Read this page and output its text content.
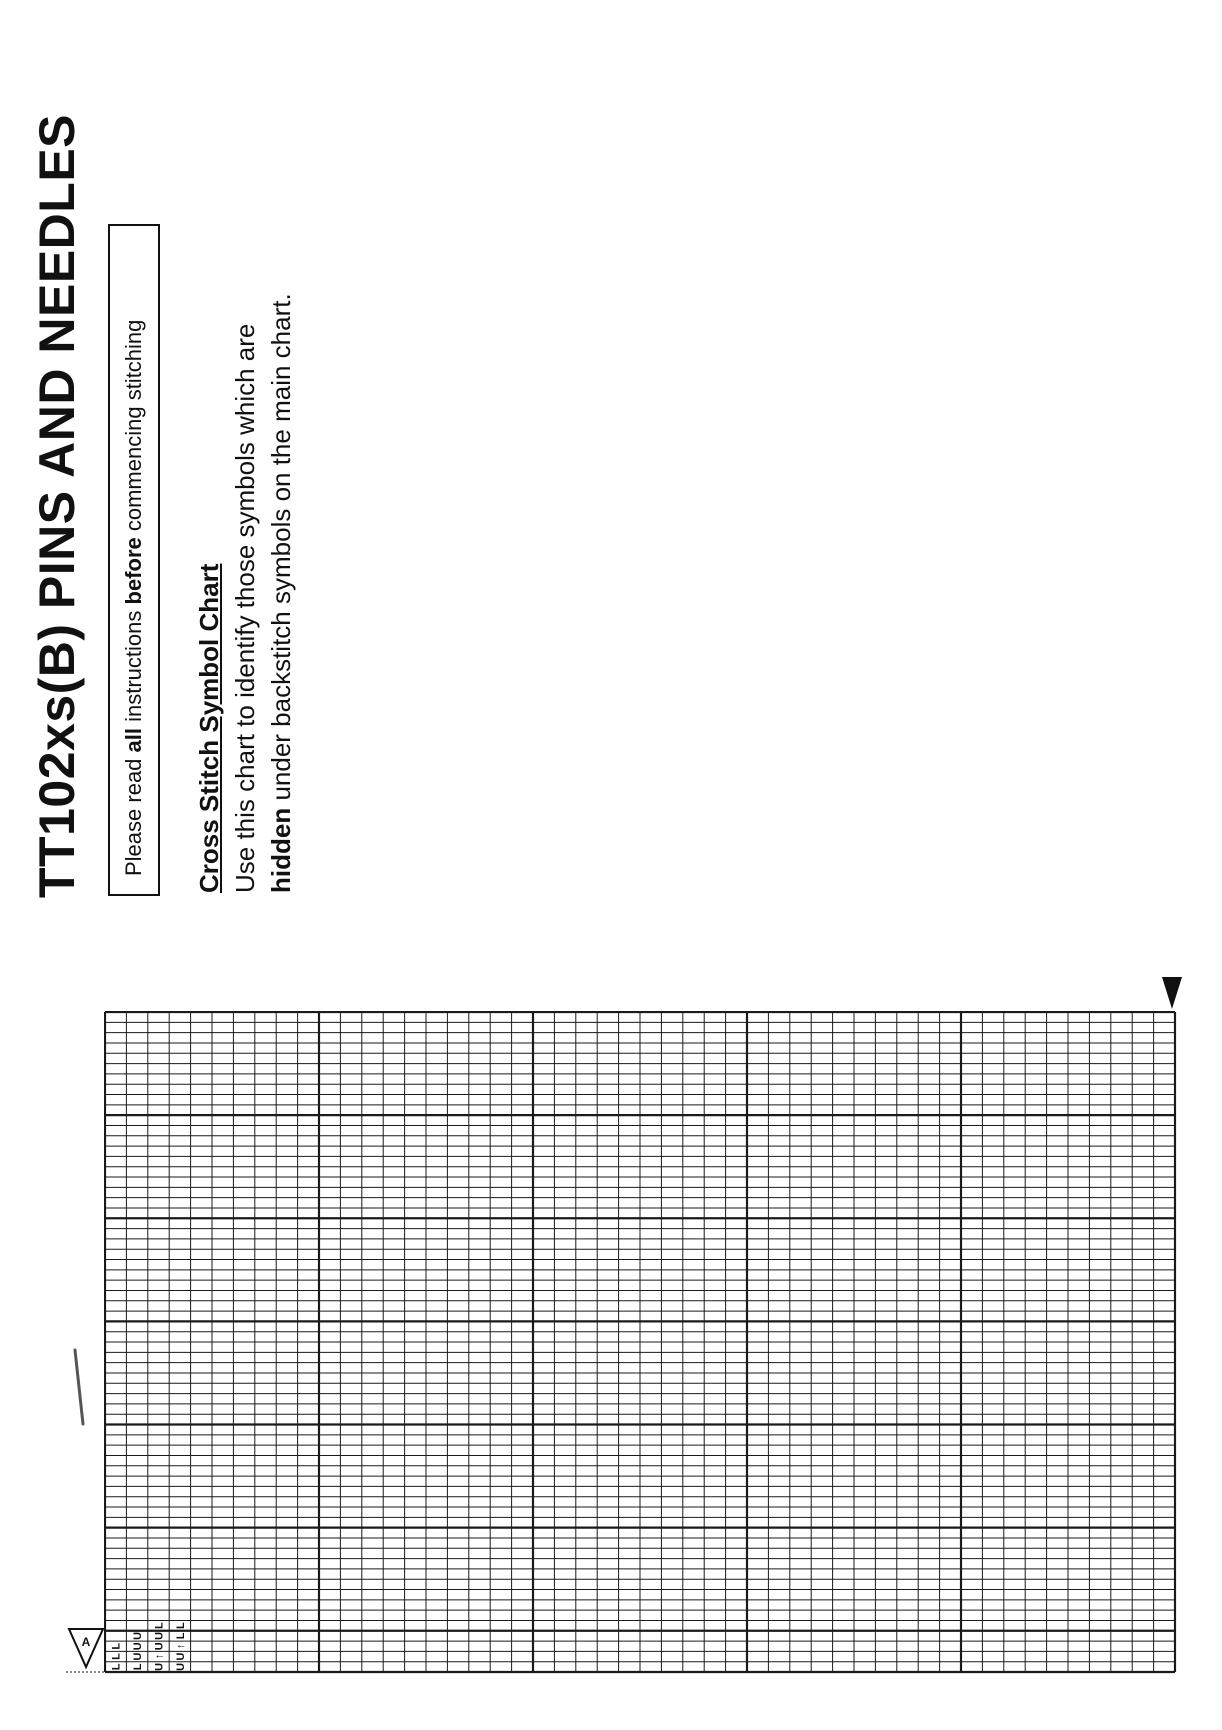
TT102xs(B) PINS AND NEEDLES	Please read all instructions before commencing stitching
Cross Stitch Symbol Chart Use this chart to identify those symbols which are hidden under backstitch symbols on the main chart.
A
L
L
L
L
U
U
U
U
↑
U
U
L
U
U
↑
L
L
